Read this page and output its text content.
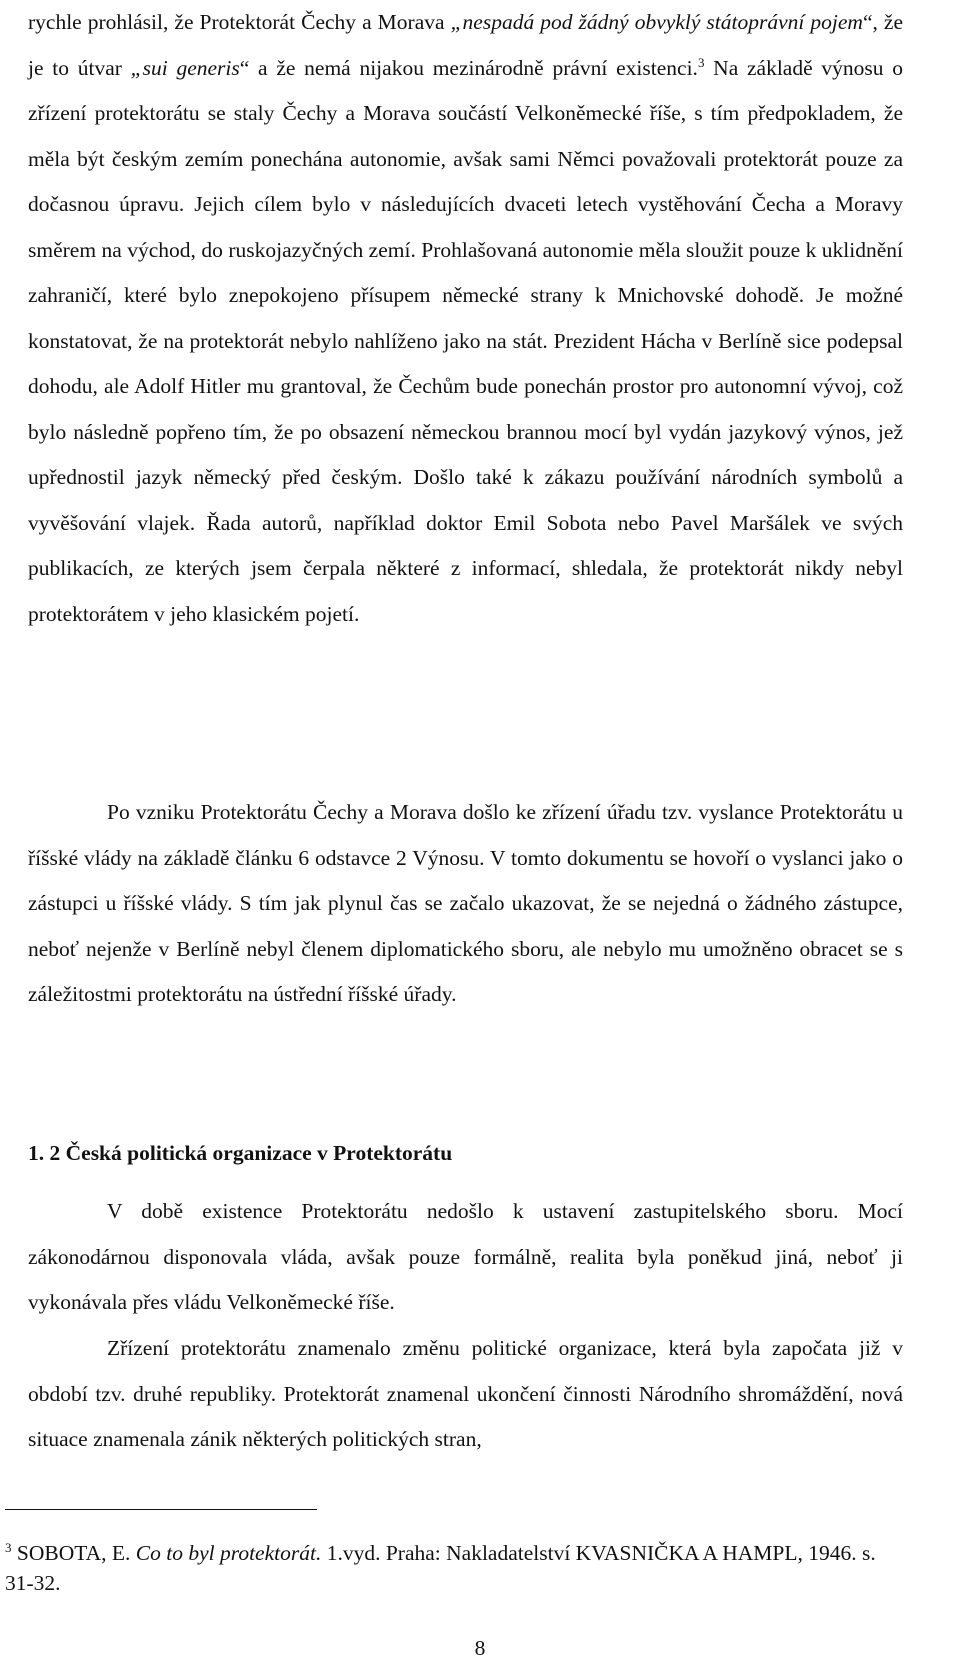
rychle prohlásil, že Protektorát Čechy a Morava „nespadá pod žádný obvyklý státoprávní pojem“, že je to útvar „sui generis“ a že nemá nijakou mezinárodně právní existenci.$^3$ Na základě výnosu o zřízení protektorátu se staly Čechy a Morava součástí Velkoněmecké říše, s tím předpokladem, že měla být českým zemím ponechána autonomie, avšak sami Němci považovali protektorát pouze za dočasnou úpravu. Jejich cílem bylo v následujících dvaceti letech vystěhování Čecha a Moravy směrem na východ, do ruskojazyčných zemí. Prohlašovaná autonomie měla sloužit pouze k uklidnění zahraničí, které bylo znepokojeno přísupem německé strany k Mnichovské dohodě. Je možné konstatovat, že na protektorát nebylo nahlíženo jako na stát. Prezident Hácha v Berlíně sice podepsal dohodu, ale Adolf Hitler mu grantoval, že Čechům bude ponechán prostor pro autonomní vývoj, což bylo následně popřeno tím, že po obsazení německou brannou mocí byl vydán jazykový výnos, jež upřednostil jazyk německý před českým. Došlo také k zákazu používání národních symbolů a vyvěšování vlajek. Řada autorů, například doktor Emil Sobota nebo Pavel Maršálek ve svých publikacích, ze kterých jsem čerpala některé z informací, shledala, že protektorát nikdy nebyl protektorátem v jeho klasickém pojetí.

Po vzniku Protektorátu Čechy a Morava došlo ke zřízení úřadu tzv. vyslance Protektorátu u říšské vlády na základě článku 6 odstavce 2 Výnosu. V tomto dokumentu se hovoří o vyslanci jako o zástupci u říšské vlády. S tím jak plynul čas se začalo ukazovat, že se nejedná o žádného zástupce, neboť nejenže v Berlíně nebyl členem diplomatického sboru, ale nebylo mu umožněno obracet se s záležitostmi protektorátu na ústřední říšské úřady.

1. 2 Česká politická organizace v Protektorátu

V době existence Protektorátu nedošlo k ustavení zastupitelského sboru. Mocí zákonodárnou disponovala vláda, avšak pouze formálně, realita byla poněkud jiná, neboť ji vykonávala přes vládu Velkoněmecké říše.

Zřízení protektorátu znamenalo změnu politické organizace, která byla započata již v období tzv. druhé republiky. Protektorát znamenal ukončení činnosti Národního shromáždění, nová situace znamenala zánik některých politických stran,

$^3$ SOBOTA, E. Co to byl protektorát. 1.vyd. Praha: Nakladatelství KVASNIČKA A HAMPL, 1946. s. 31-32.

8
